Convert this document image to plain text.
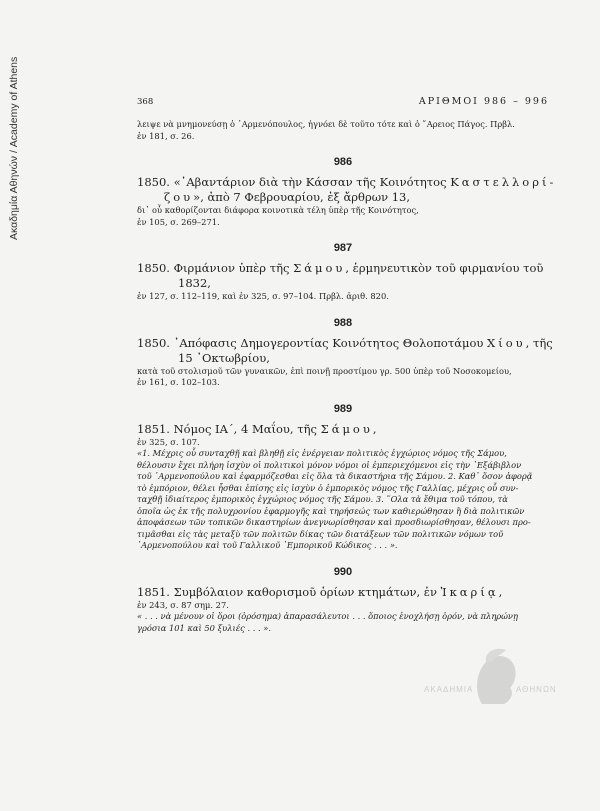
Ακαδημία Αθηνών / Academy of Athens	368	ΑΡΙΘΜΟΙ 986 – 996
λειψε νὰ μνημονεύσῃ ὁ ᾿Αρμενόπουλος, ἠγνόει δὲ τοῦτο τότε καὶ ὁ ῎Αρειος Πάγος. Πρβλ.
ἐν 181, σ. 26.
986
1850. «᾿Αβαντάριον διὰ τὴν Κάσσαν τῆς Κοινότητος Καστελλορί-
ζου», ἀπὸ 7 Φεβρουαρίου, ἐξ ἄρθρων 13,
δι᾿ οὗ καθορίζονται διάφορα κοινοτικὰ τέλη ὑπὲρ τῆς Κοινότητος,
ἐν 105, σ. 269–271.
987
1850. Φιρμάνιον ὑπὲρ τῆς Σάμου, ἑρμηνευτικὸν τοῦ φιρμανίου τοῦ
1832,
ἐν 127, σ. 112–119, καὶ ἐν 325, σ. 97–104. Πρβλ. ἀριθ. 820.
988
1850. ᾿Απόφασις Δημογεροντίας Κοινότητος Θολοποτάμου Χίου, τῆς
15 ᾿Οκτωβρίου,
κατὰ τοῦ στολισμοῦ τῶν γυναικῶν, ἐπὶ ποινῇ προστίμου γρ. 500 ὑπὲρ τοῦ Νοσοκομείου,
ἐν 161, σ. 102–103.
989
1851. Νόμος ΙΑ΄, 4 Μαΐου, τῆς Σάμου,
ἐν 325, σ. 107.
«1. Μέχρις οὗ συνταχθῇ καὶ βληθῇ εἰς ἐνέργειαν πολιτικὸς ἐγχώριος νόμος τῆς Σάμου,
θέλουσιν ἔχει πλήρη ἰσχὺν οἱ πολιτικοὶ μόνον νόμοι οἱ ἐμπεριεχόμενοι εἰς τὴν ᾿Εξάβιβλον
τοῦ ᾿Αρμενοπούλου καὶ ἐφαρμόζεσθαι εἰς ὅλα τὰ δικαστήρια τῆς Σάμου. 2. Καθ᾿ ὅσον ἀφορᾷ
τὸ ἐμπόριον, θέλει ἦσθαι ἐπίσης εἰς ἰσχὺν ὁ ἐμπορικὸς νόμος τῆς Γαλλίας, μέχρις οὗ συν-
ταχθῇ ἰδιαίτερος ἐμπορικὸς ἐγχώριος νόμος τῆς Σάμου. 3. ῞Ολα τὰ ἔθιμα τοῦ τόπου, τὰ
ὁποῖα ὡς ἐκ τῆς πολυχρονίου ἐφαρμογῆς καὶ τηρήσεώς των καθιερώθησαν ἢ διὰ πολιτικῶν
ἀποφάσεων τῶν τοπικῶν δικαστηρίων ἀνεγνωρίσθησαν καὶ προσδιωρίσθησαν, θέλουσι προ-
τιμᾶσθαι εἰς τὰς μεταξὺ τῶν πολιτῶν δίκας τῶν διατάξεων τῶν πολιτικῶν νόμων τοῦ
᾿Αρμενοπούλου καὶ τοῦ Γαλλικοῦ ᾿Εμπορικοῦ Κώδικος . . . ».
990
1851. Συμβόλαιον καθορισμοῦ ὁρίων κτημάτων, ἐν Ἰκαρίᾳ,
ἐν 243, σ. 87 σημ. 27.
« . . . νὰ μένουν οἱ ὅροι (ὁρόσημα) ἀπαρασάλευτοι . . . ὅποιος ἐνοχλήσῃ ὁρόν, νὰ πληρώνῃ
γρόσια 101 καὶ 50 ξυλιές . . . ».
ΑΚΑΔΗΜΙΑ	ΑΘΗΝΩΝ
